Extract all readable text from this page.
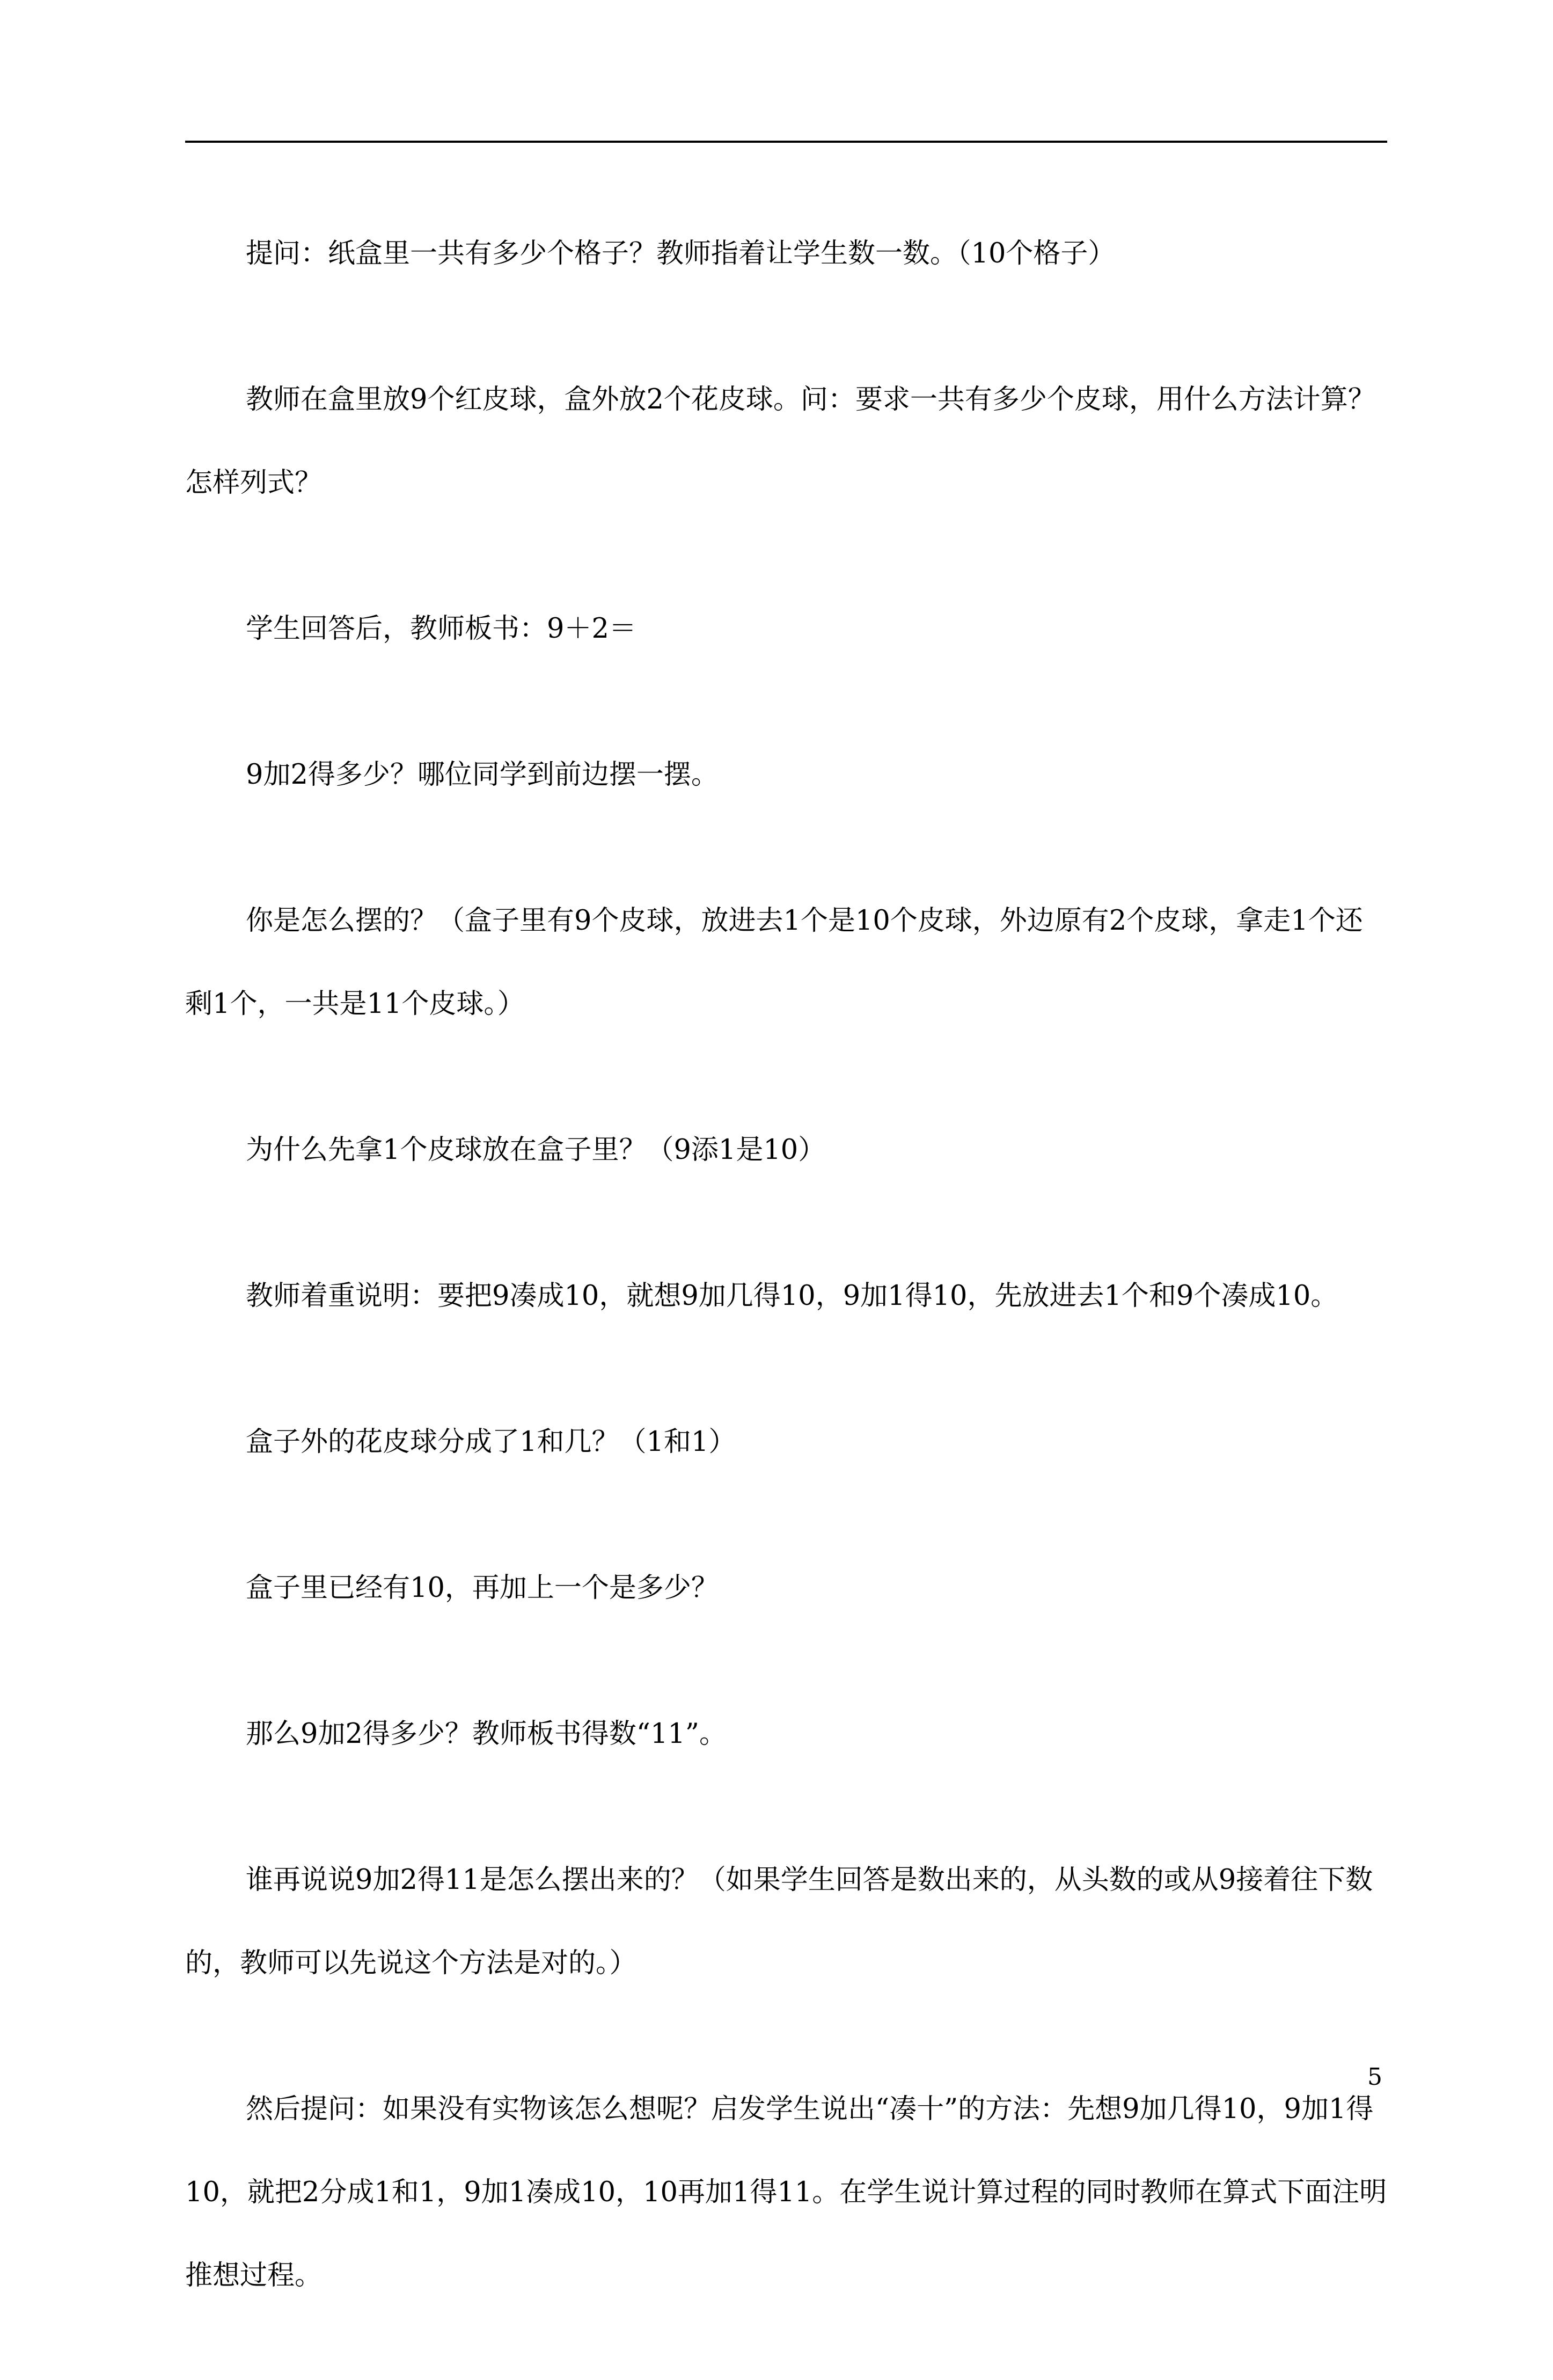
提问：纸盒里一共有多少个格子？教师指着让学生数一数。（10个格子）

教师在盒里放9个红皮球，盒外放2个花皮球。问：要求一共有多少个皮球，用什么方法计算？怎样列式？

学生回答后，教师板书：9＋2＝

9加2得多少？哪位同学到前边摆一摆。

你是怎么摆的？（盒子里有9个皮球，放进去1个是10个皮球，外边原有2个皮球，拿走1个还剩1个，一共是11个皮球。）

为什么先拿1个皮球放在盒子里？（9添1是10）

教师着重说明：要把9凑成10，就想9加几得10，9加1得10，先放进去1个和9个凑成10。

盒子外的花皮球分成了1和几？（1和1）

盒子里已经有10，再加上一个是多少？

那么9加2得多少？教师板书得数“11”。

谁再说说9加2得11是怎么摆出来的？（如果学生回答是数出来的，从头数的或从9接着往下数的，教师可以先说这个方法是对的。）

然后提问：如果没有实物该怎么想呢？启发学生说出“凑十”的方法：先想9加几得10，9加1得10，就把2分成1和1，9加1凑成10，10再加1得11。在学生说计算过程的同时教师在算式下面注明推想过程。

5
